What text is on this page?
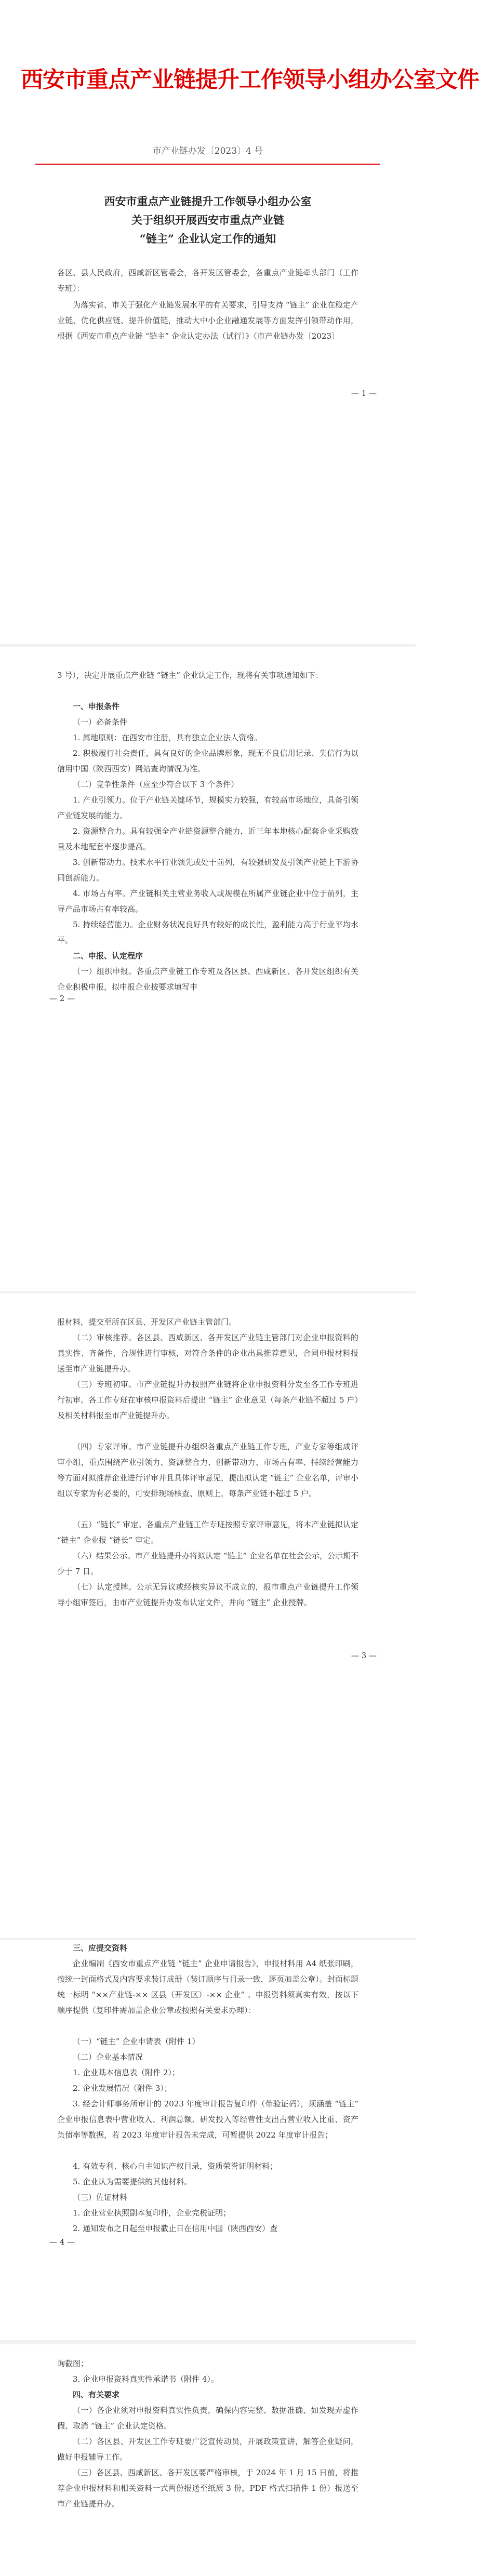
西安市重点产业链提升工作领导小组办公室文件
市产业链办发〔2023〕4 号
西安市重点产业链提升工作领导小组办公室
关于组织开展西安市重点产业链
“链主” 企业认定工作的通知
各区、县人民政府，西咸新区管委会，各开发区管委会，各重点产业链牵头部门（工作专班）：
为落实省、市关于强化产业链发展水平的有关要求，引导支持 “链主” 企业在稳定产业链、优化供应链、提升价值链，推动大中小企业融通发展等方面发挥引领带动作用，根据《西安市重点产业链 “链主” 企业认定办法（试行）》（市产业链办发〔2023〕
— 1 —
3 号），决定开展重点产业链 “链主” 企业认定工作，现将有关事项通知如下：
一、申报条件
（一）必备条件
1. 属地原则：在西安市注册，具有独立企业法人资格。
2. 积极履行社会责任，具有良好的企业品牌形象，现无不良信用记录、失信行为以信用中国（陕西西安）网站查询情况为准。
（二）竞争性条件（应至少符合以下 3 个条件）
1. 产业引领力。位于产业链关键环节，规模实力较强，有较高市场地位，具备引领产业链发展的能力。
2. 资源整合力。具有较强全产业链资源整合能力，近三年本地核心配套企业采购数量及本地配套率逐步提高。
3. 创新带动力。技术水平行业领先或处于前列，有较强研发及引领产业链上下游协同创新能力。
4. 市场占有率。产业链相关主营业务收入或规模在所属产业链企业中位于前列，主导产品市场占有率较高。
5. 持续经营能力。企业财务状况良好具有较好的成长性，盈利能力高于行业平均水平。
二、申报、认定程序
（一）组织申报。各重点产业链工作专班及各区县、西咸新区、各开发区组织有关企业积极申报，拟申报企业按要求填写申
— 2 —
报材料，提交至所在区县、开发区产业链主管部门。
（二）审核推荐。各区县、西咸新区、各开发区产业链主管部门对企业申报资料的真实性、齐备性、合规性进行审核，对符合条件的企业出具推荐意见，合同申报材料报送至市产业链提升办。
（三）专班初审。市产业链提升办按照产业链将企业申报资料分发至各工作专班进行初审。各工作专班在审核申报资料后提出 “链主” 企业意见（每条产业链不超过 5 户）及相关材料报至市产业链提升办。
（四）专家评审。市产业链提升办组织各重点产业链工作专班，产业专家等组成评审小组，重点围绕产业引领力、资源整合力、创新带动力、市场占有率、持续经营能力等方面对拟推荐企业进行评审并且具体评审意见，提出拟认定 “链主” 企业名单，评审小组以专家为有必要的，可安排现场核查、原则上，每条产业链不超过 5 户。
（五）“链长” 审定。各重点产业链工作专班按照专家评审意见，将本产业链拟认定 “链主” 企业报 “链长” 审定。
（六）结果公示。市产业链提升办将拟认定 “链主” 企业名单在社会公示，公示期不少于 7 日。
（七）认定授牌。公示无异议或经核实异议不成立的，报市重点产业链提升工作领导小组审签后，由市产业链提升办发布认定文件，并向 “链主” 企业授牌。
— 3 —
三、应提交资料
企业编制《西安市重点产业链 “链主” 企业申请报告》，申报材料用 A4 纸张印刷，按统一封面格式及内容要求装订成册（装订顺序与目录一致，逐页加盖公章）。封面标题统一标明 “××产业链-×× 区县（开发区）-×× 企业” 。申报资料须真实有效，按以下顺序提供（复印件需加盖企业公章或按照有关要求办理）：
（一）“链主” 企业申请表（附件 1）
（二）企业基本情况
1. 企业基本信息表（附件 2）；
2. 企业发展情况（附件 3）；
3. 经会计师事务所审计的 2023 年度审计报告复印件（带验证码），须涵盖 “链主” 企业申报信息表中营业收入、利润总额、研发投入等经营性支出占营业收入比重、资产负债率等数据，若 2023 年度审计报告未完成，可暂提供 2022 年度审计报告；
4. 有效专利、核心自主知识产权目录，资质荣誉证明材料；
5. 企业认为需要提供的其他材料。
（三）佐证材料
1. 企业营业执照副本复印件，企业完税证明；
2. 通知发布之日起至申报截止日在信用中国（陕西西安）查
— 4 —
询截图；
3. 企业申报资料真实性承诺书（附件 4）。
四、有关要求
（一）各企业须对申报资料真实性负责，确保内容完整、数据准确、如发现弄虚作假、取消 “链主” 企业认定资格。
（二）各区县、开发区工作专班要广泛宣传动员，开展政策宣讲，解答企业疑问，做好申报辅导工作。
（三）各区县、西咸新区、各开发区要严格审核，于 2024 年 1 月 15 日前，将推荐企业申报材料和相关资料一式两份报送至纸质 3 份，PDF 格式扫描件 1 份）报送至市产业链提升办。
